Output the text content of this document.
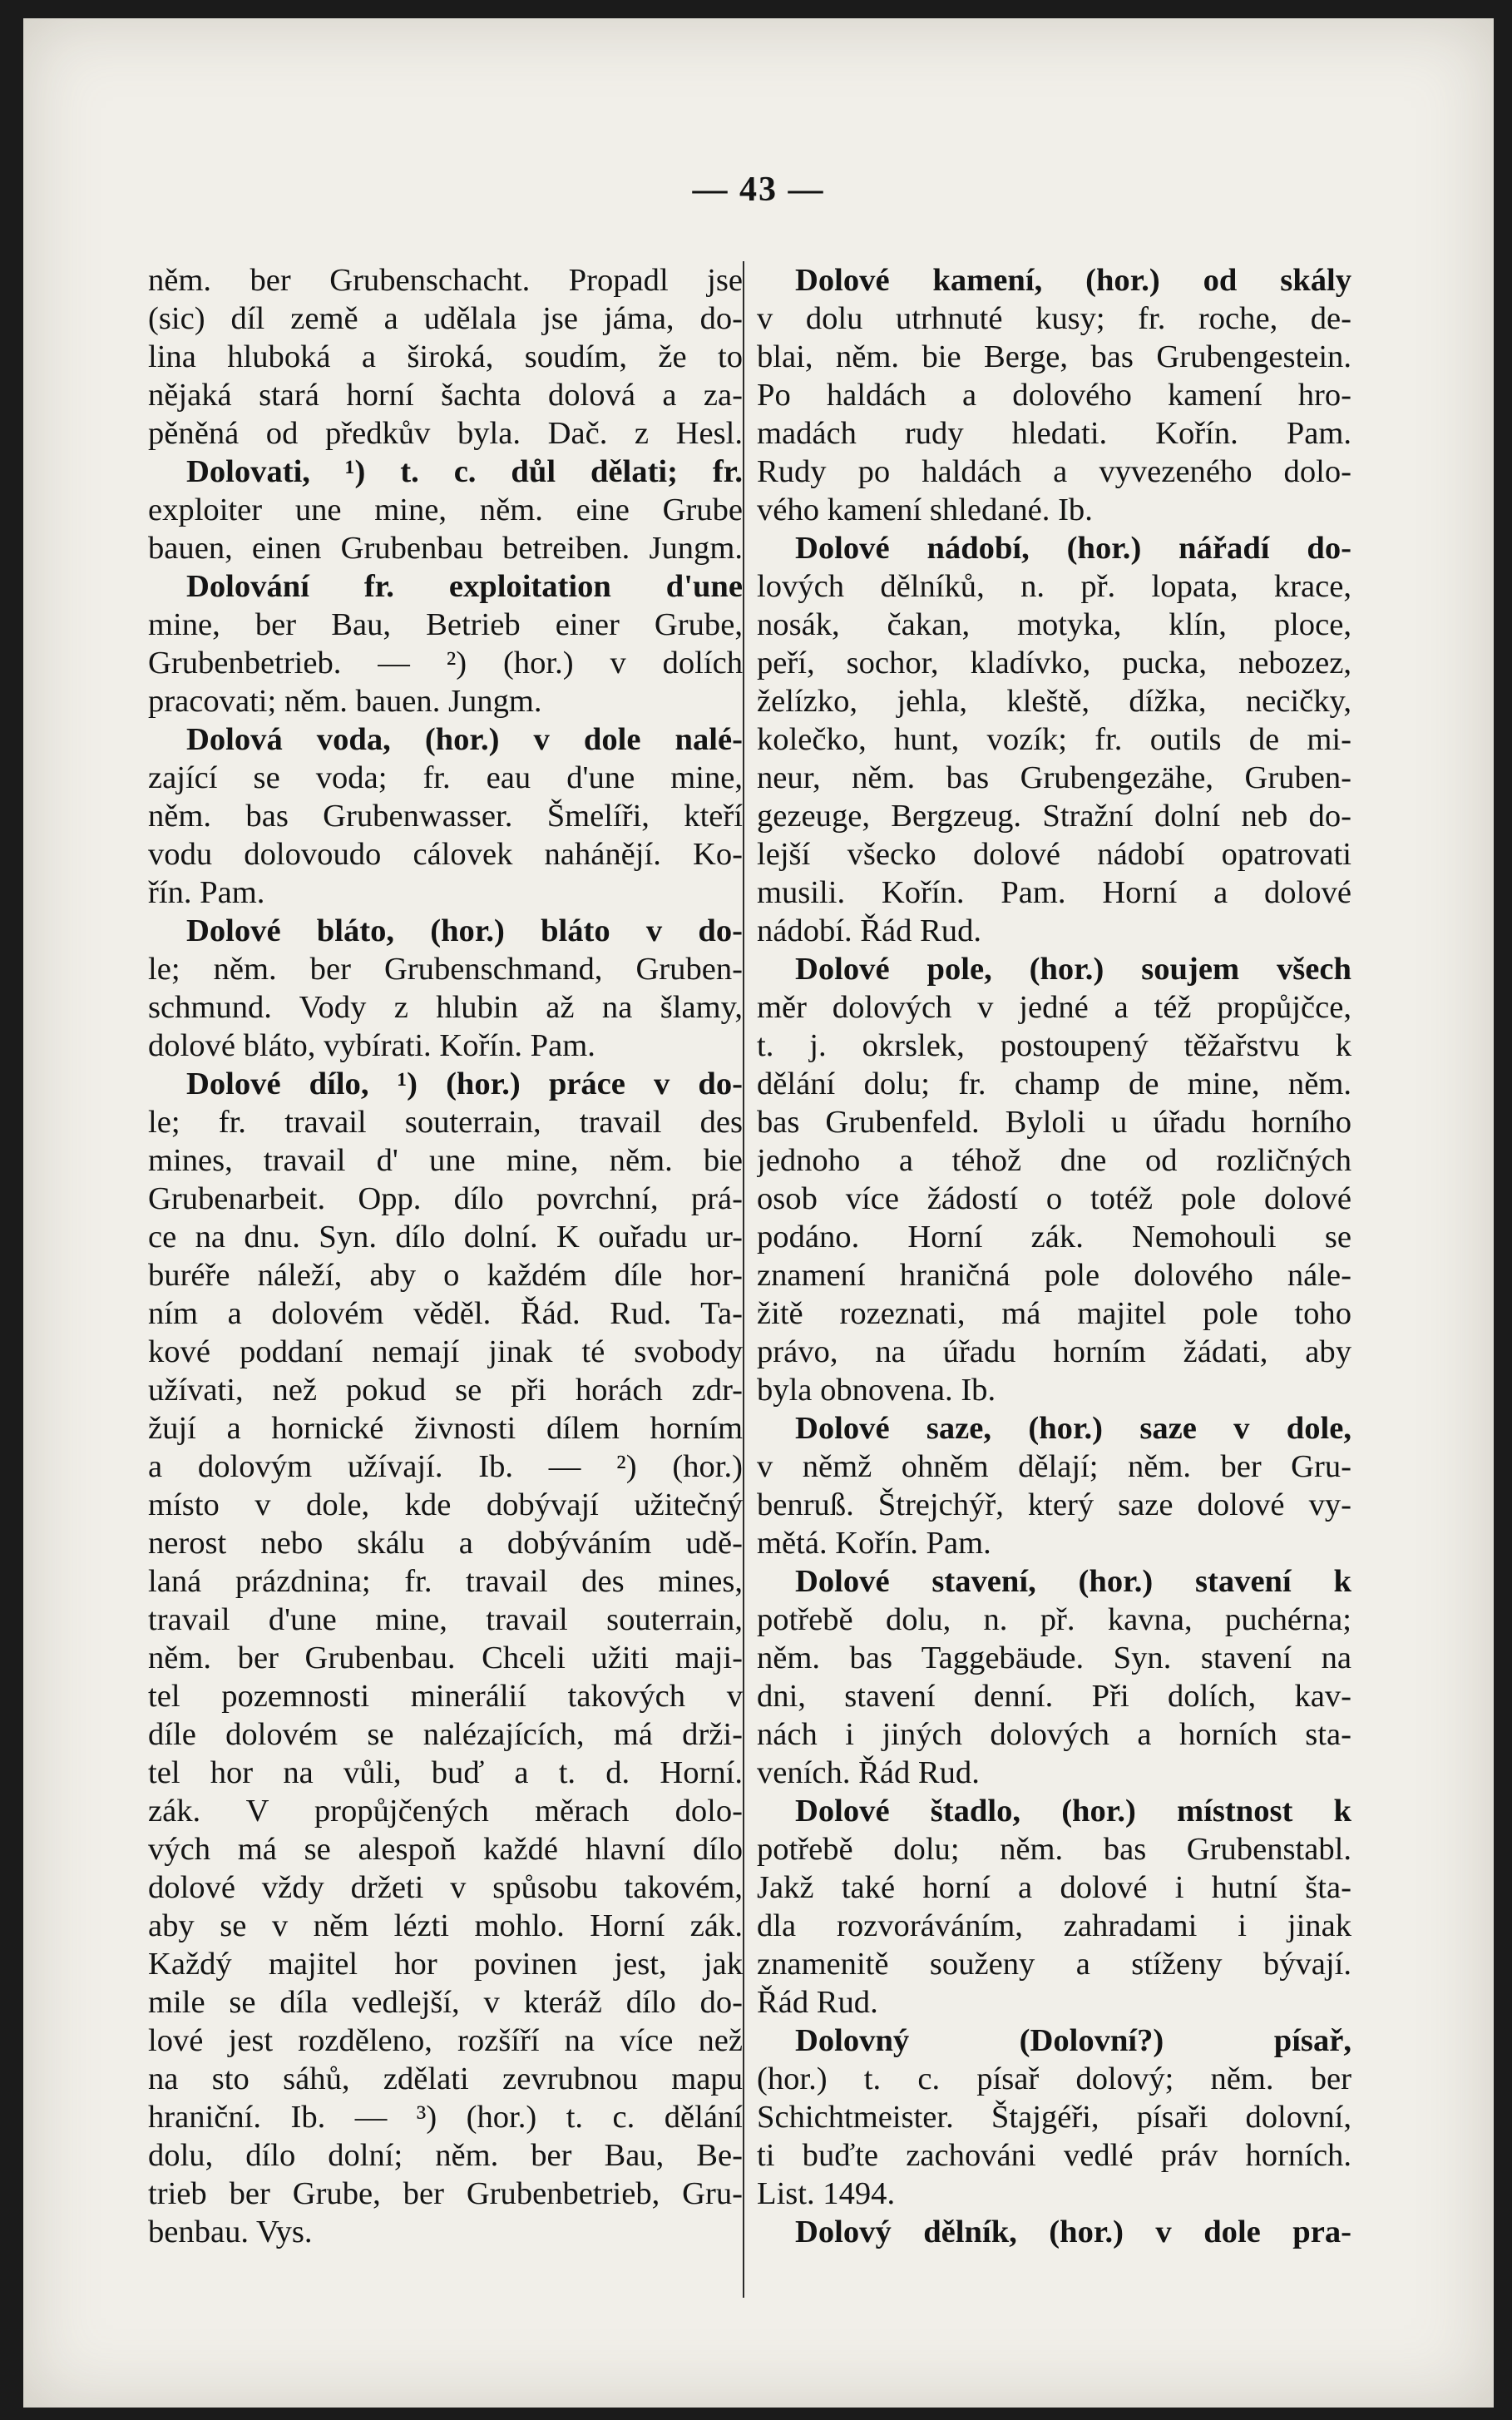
— 43 —
něm. ber Grubenschacht. Propadl jse
(sic) díl země a udělala jse jáma, do-
lina hluboká a široká, soudím, že to
nějaká stará horní šachta dolová a za-
pěněná od předkův byla. Dač. z Hesl.
Dolovati, ¹) t. c. důl dělati; fr.
exploiter une mine, něm. eine Grube
bauen, einen Grubenbau betreiben. Jungm.
Dolování fr. exploitation d'une
mine, ber Bau, Betrieb einer Grube,
Grubenbetrieb. — ²) (hor.) v dolích
pracovati; něm. bauen. Jungm.
Dolová voda, (hor.) v dole nalé-
zající se voda; fr. eau d'une mine,
něm. bas Grubenwasser. Šmelíři, kteří
vodu dolovoudo cálovek nahánějí. Ko-
řín. Pam.
Dolové bláto, (hor.) bláto v do-
le; něm. ber Grubenschmand, Gruben-
schmund. Vody z hlubin až na šlamy,
dolové bláto, vybírati. Kořín. Pam.
Dolové dílo, ¹) (hor.) práce v do-
le; fr. travail souterrain, travail des
mines, travail d' une mine, něm. bie
Grubenarbeit. Opp. dílo povrchní, prá-
ce na dnu. Syn. dílo dolní. K ouřadu ur-
buréře náleží, aby o každém díle hor-
ním a dolovém věděl. Řád. Rud. Ta-
kové poddaní nemají jinak té svobody
užívati, než pokud se při horách zdr-
žují a hornické živnosti dílem horním
a dolovým užívají. Ib. — ²) (hor.)
místo v dole, kde dobývají užitečný
nerost nebo skálu a dobýváním udě-
laná prázdnina; fr. travail des mines,
travail d'une mine, travail souterrain,
něm. ber Grubenbau. Chceli užiti maji-
tel pozemnosti minerálií takových v
díle dolovém se nalézajících, má drži-
tel hor na vůli, buď a t. d. Horní.
zák. V propůjčených měrach dolo-
vých má se alespoň každé hlavní dílo
dolové vždy držeti v spůsobu takovém,
aby se v něm lézti mohlo. Horní zák.
Každý majitel hor povinen jest, jak
mile se díla vedlejší, v kteráž dílo do-
lové jest rozděleno, rozšíří na více než
na sto sáhů, zdělati zevrubnou mapu
hraniční. Ib. — ³) (hor.) t. c. dělání
dolu, dílo dolní; něm. ber Bau, Be-
trieb ber Grube, ber Grubenbetrieb, Gru-
benbau. Vys.
Dolové kamení, (hor.) od skály
v dolu utrhnuté kusy; fr. roche, de-
blai, něm. bie Berge, bas Grubengestein.
Po haldách a dolového kamení hro-
madách rudy hledati. Kořín. Pam.
Rudy po haldách a vyvezeného dolo-
vého kamení shledané. Ib.
Dolové nádobí, (hor.) nářadí do-
lových dělníků, n. př. lopata, krace,
nosák, čakan, motyka, klín, ploce,
peří, sochor, kladívko, pucka, nebozez,
želízko, jehla, kleště, dížka, necičky,
kolečko, hunt, vozík; fr. outils de mi-
neur, něm. bas Grubengezähe, Gruben-
gezeuge, Bergzeug. Stražní dolní neb do-
lejší všecko dolové nádobí opatrovati
musili. Kořín. Pam. Horní a dolové
nádobí. Řád Rud.
Dolové pole, (hor.) soujem všech
měr dolových v jedné a též propůjčce,
t. j. okrslek, postoupený těžařstvu k
dělání dolu; fr. champ de mine, něm.
bas Grubenfeld. Byloli u úřadu horního
jednoho a téhož dne od rozličných
osob více žádostí o totéž pole dolové
podáno. Horní zák. Nemohouli se
znamení hraničná pole dolového nále-
žitě rozeznati, má majitel pole toho
právo, na úřadu horním žádati, aby
byla obnovena. Ib.
Dolové saze, (hor.) saze v dole,
v němž ohněm dělají; něm. ber Gru-
benruß. Štrejchýř, který saze dolové vy-
mětá. Kořín. Pam.
Dolové stavení, (hor.) stavení k
potřebě dolu, n. př. kavna, puchérna;
něm. bas Taggebäude. Syn. stavení na
dni, stavení denní. Při dolích, kav-
nách i jiných dolových a horních sta-
veních. Řád Rud.
Dolové štadlo, (hor.) místnost k
potřebě dolu; něm. bas Grubenstabl.
Jakž také horní a dolové i hutní šta-
dla rozvoráváním, zahradami i jinak
znamenitě souženy a stíženy bývají.
Řád Rud.
Dolovný (Dolovní?) písař,
(hor.) t. c. písař dolový; něm. ber
Schichtmeister. Štajgéři, písaři dolovní,
ti buďte zachováni vedlé práv horních.
List. 1494.
Dolový dělník, (hor.) v dole pra-
